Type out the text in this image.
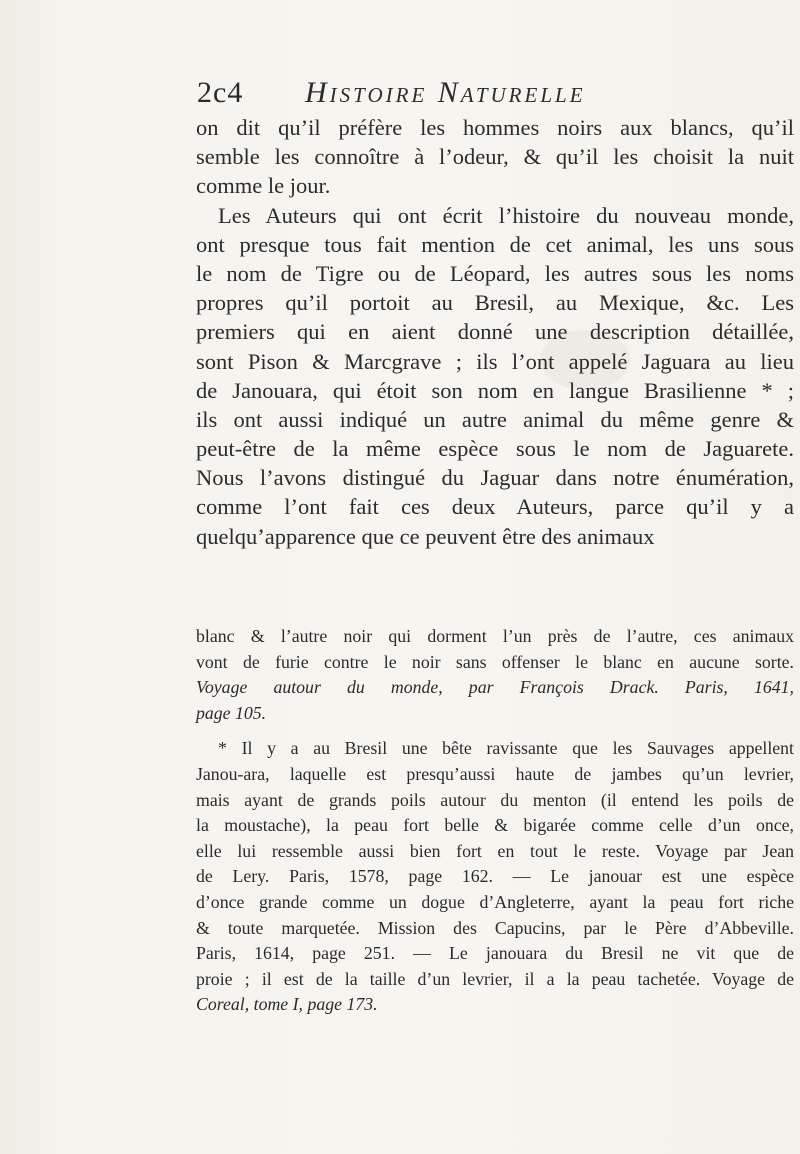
2c4 Histoire Naturelle
on dit qu’il préfère les hommes noirs aux blancs, qu’il
semble les connoître à l’odeur, & qu’il les choisit la nuit
comme le jour.
Les Auteurs qui ont écrit l’histoire du nouveau monde,
ont presque tous fait mention de cet animal, les uns sous
le nom de Tigre ou de Léopard, les autres sous les noms
propres qu’il portoit au Bresil, au Mexique, &c. Les
premiers qui en aient donné une description détaillée,
sont Pison & Marcgrave ; ils l’ont appelé Jaguara au lieu
de Janouara, qui étoit son nom en langue Brasilienne * ;
ils ont aussi indiqué un autre animal du même genre &
peut-être de la même espèce sous le nom de Jaguarete.
Nous l’avons distingué du Jaguar dans notre énumération,
comme l’ont fait ces deux Auteurs, parce qu’il y a
quelqu’apparence que ce peuvent être des animaux
blanc & l’autre noir qui dorment l’un près de l’autre, ces animaux
vont de furie contre le noir sans offenser le blanc en aucune sorte.
Voyage autour du monde, par François Drack. Paris, 1641,
page 105.
* Il y a au Bresil une bête ravissante que les Sauvages appellent
Janou-ara, laquelle est presqu’aussi haute de jambes qu’un levrier,
mais ayant de grands poils autour du menton (il entend les poils de
la moustache), la peau fort belle & bigarée comme celle d’un once,
elle lui ressemble aussi bien fort en tout le reste. Voyage par Jean
de Lery. Paris, 1578, page 162. — Le janouar est une espèce
d’once grande comme un dogue d’Angleterre, ayant la peau fort riche
& toute marquetée. Mission des Capucins, par le Père d’Abbeville.
Paris, 1614, page 251. — Le janouara du Bresil ne vit que de
proie ; il est de la taille d’un levrier, il a la peau tachetée. Voyage de
Coreal, tome I, page 173.
